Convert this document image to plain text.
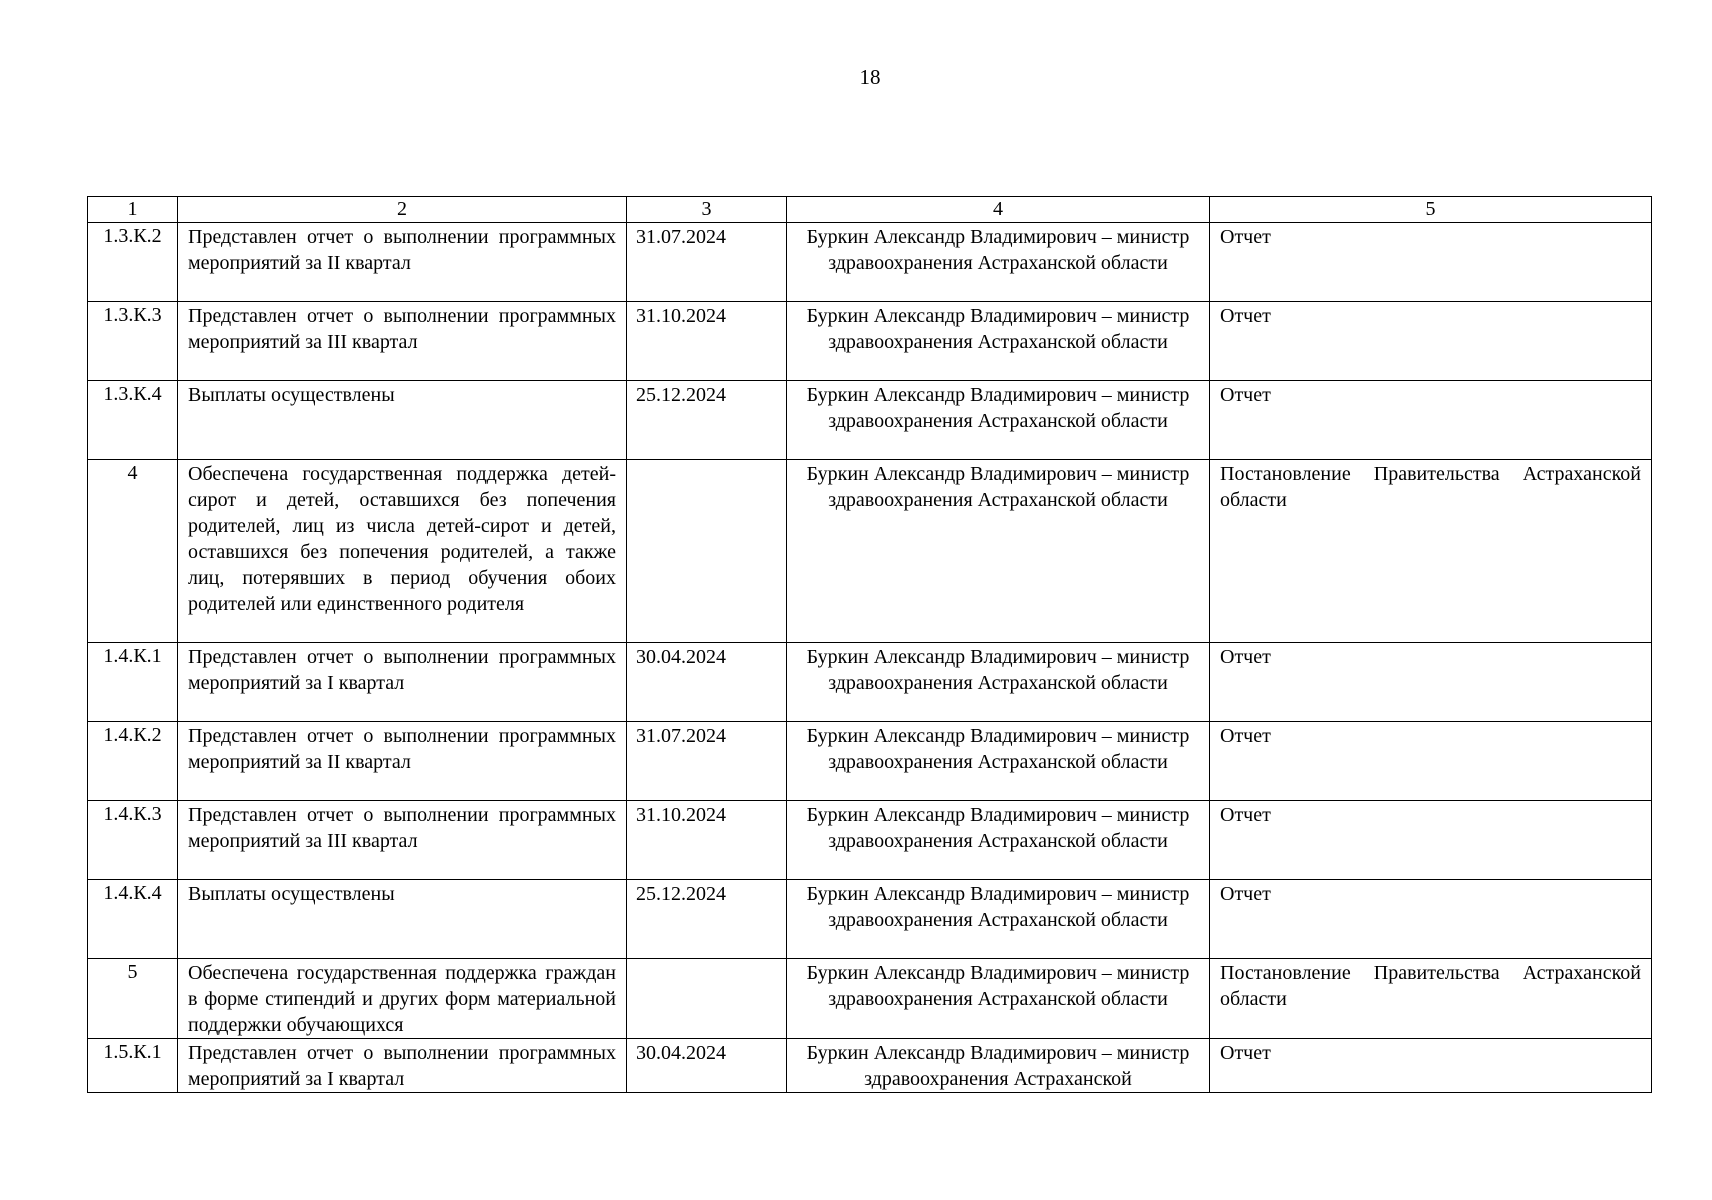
18
1	2	3	4	5
1.3.К.2	Представлен отчет о выполнении программных мероприятий за II квартал	31.07.2024	Буркин Александр Владимирович – министр здравоохранения Астраханской области	Отчет
1.3.К.3	Представлен отчет о выполнении программных мероприятий за III квартал	31.10.2024	Буркин Александр Владимирович – министр здравоохранения Астраханской области	Отчет
1.3.К.4	Выплаты осуществлены	25.12.2024	Буркин Александр Владимирович – министр здравоохранения Астраханской области	Отчет
4	Обеспечена государственная поддержка детей-сирот и детей, оставшихся без попечения родителей, лиц из числа детей-сирот и детей, оставшихся без попечения родителей, а также лиц, потерявших в период обучения обоих родителей или единственного родителя		Буркин Александр Владимирович – министр здравоохранения Астраханской области	Постановление Правительства Астраханской области
1.4.К.1	Представлен отчет о выполнении программных мероприятий за I квартал	30.04.2024	Буркин Александр Владимирович – министр здравоохранения Астраханской области	Отчет
1.4.К.2	Представлен отчет о выполнении программных мероприятий за II квартал	31.07.2024	Буркин Александр Владимирович – министр здравоохранения Астраханской области	Отчет
1.4.К.3	Представлен отчет о выполнении программных мероприятий за III квартал	31.10.2024	Буркин Александр Владимирович – министр здравоохранения Астраханской области	Отчет
1.4.К.4	Выплаты осуществлены	25.12.2024	Буркин Александр Владимирович – министр здравоохранения Астраханской области	Отчет
5	Обеспечена государственная поддержка граждан в форме стипендий и других форм материальной поддержки обучающихся		Буркин Александр Владимирович – министр здравоохранения Астраханской области	Постановление Правительства Астраханской области
1.5.К.1	Представлен отчет о выполнении программных мероприятий за I квартал	30.04.2024	Буркин Александр Владимирович – министр здравоохранения Астраханской	Отчет
